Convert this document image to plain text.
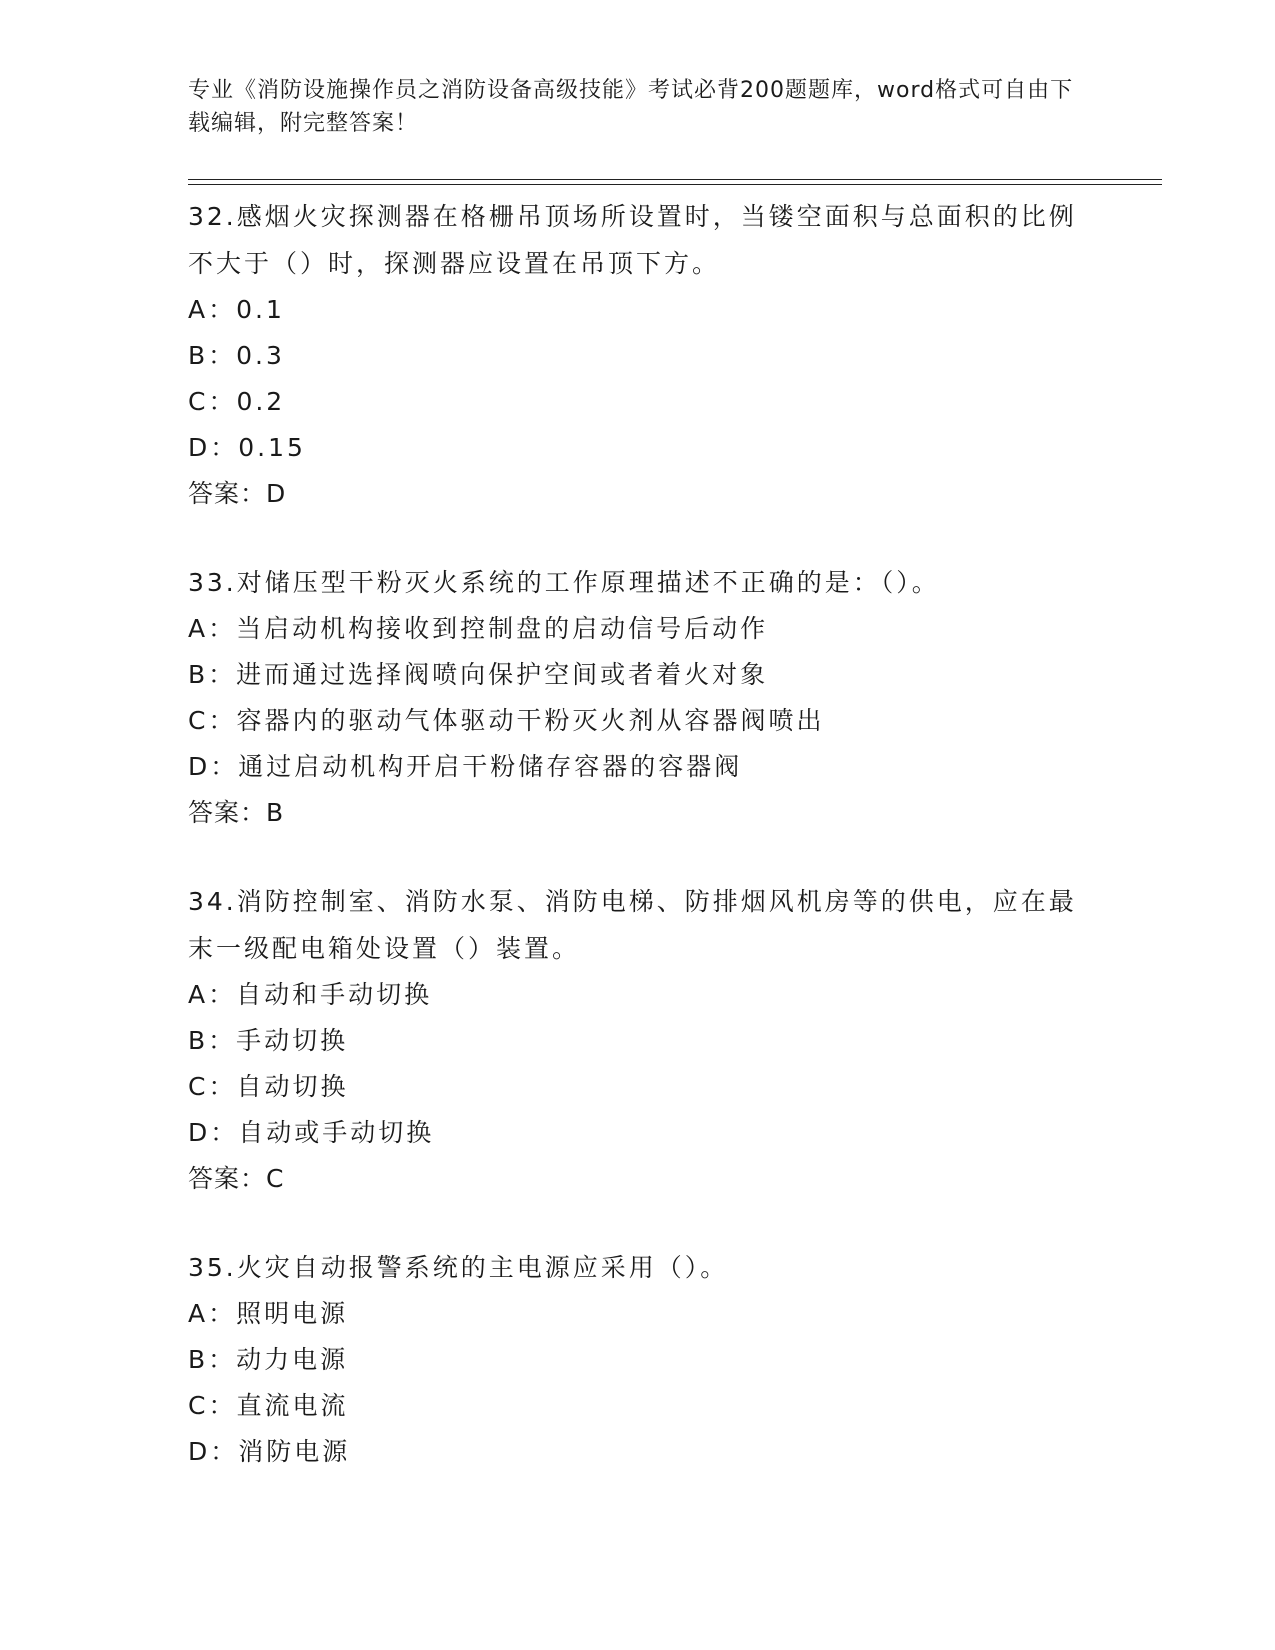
专业《消防设施操作员之消防设备高级技能》考试必背200题题库，word格式可自由下载编辑，附完整答案！

32.感烟火灾探测器在格栅吊顶场所设置时，当镂空面积与总面积的比例不大于（）时，探测器应设置在吊顶下方。

A：0.1

B：0.3

C：0.2

D：0.15

答案：D

33.对储压型干粉灭火系统的工作原理描述不正确的是：（）。

A：当启动机构接收到控制盘的启动信号后动作

B：进而通过选择阀喷向保护空间或者着火对象

C：容器内的驱动气体驱动干粉灭火剂从容器阀喷出

D：通过启动机构开启干粉储存容器的容器阀

答案：B

34.消防控制室、消防水泵、消防电梯、防排烟风机房等的供电，应在最末一级配电箱处设置（）装置。

A：自动和手动切换

B：手动切换

C：自动切换

D：自动或手动切换

答案：C

35.火灾自动报警系统的主电源应采用（）。

A：照明电源

B：动力电源

C：直流电流

D：消防电源
